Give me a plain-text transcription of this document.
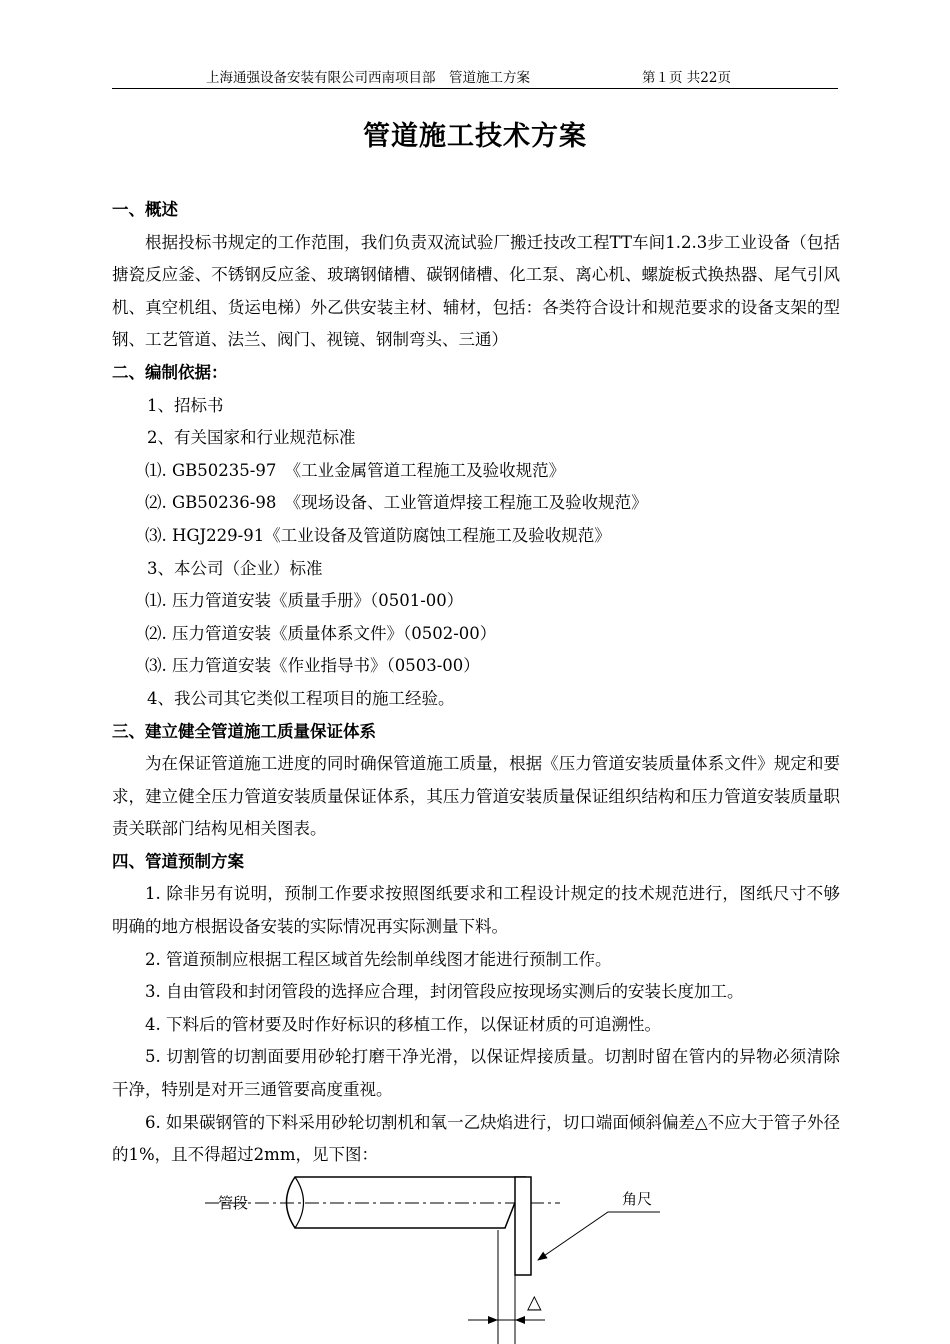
上海通强设备安装有限公司西南项目部　管道施工方案	第１页 共22页
管道施工技术方案

一、概述

根据投标书规定的工作范围，我们负责双流试验厂搬迁技改工程TT车间1.2.3步工业设备（包括搪瓷反应釜、不锈钢反应釜、玻璃钢储槽、碳钢储槽、化工泵、离心机、螺旋板式换热器、尾气引风机、真空机组、货运电梯）外乙供安装主材、辅材，包括：各类符合设计和规范要求的设备支架的型钢、工艺管道、法兰、阀门、视镜、钢制弯头、三通）

二、编制依据：

1、招标书

2、有关国家和行业规范标准

⑴. GB50235-97　《工业金属管道工程施工及验收规范》

⑵. GB50236-98　《现场设备、工业管道焊接工程施工及验收规范》

⑶. HGJ229-91《工业设备及管道防腐蚀工程施工及验收规范》

3、本公司（企业）标准

⑴. 压力管道安装《质量手册》（0501-00）

⑵. 压力管道安装《质量体系文件》（0502-00）

⑶. 压力管道安装《作业指导书》（0503-00）

4、我公司其它类似工程项目的施工经验。

三、建立健全管道施工质量保证体系

为在保证管道施工进度的同时确保管道施工质量，根据《压力管道安装质量体系文件》规定和要求，建立健全压力管道安装质量保证体系，其压力管道安装质量保证组织结构和压力管道安装质量职责关联部门结构见相关图表。

四、管道预制方案

1. 除非另有说明，预制工作要求按照图纸要求和工程设计规定的技术规范进行，图纸尺寸不够明确的地方根据设备安装的实际情况再实际测量下料。

2. 管道预制应根据工程区域首先绘制单线图才能进行预制工作。

3. 自由管段和封闭管段的选择应合理，封闭管段应按现场实测后的安装长度加工。

4. 下料后的管材要及时作好标识的移植工作，以保证材质的可追溯性。

5. 切割管的切割面要用砂轮打磨干净光滑，以保证焊接质量。切割时留在管内的异物必须清除干净，特别是对开三通管要高度重视。

6. 如果碳钢管的下料采用砂轮切割机和氧一乙炔焰进行，切口端面倾斜偏差△不应大于管子外径的1%，且不得超过2mm，见下图：

管段	角尺
△
